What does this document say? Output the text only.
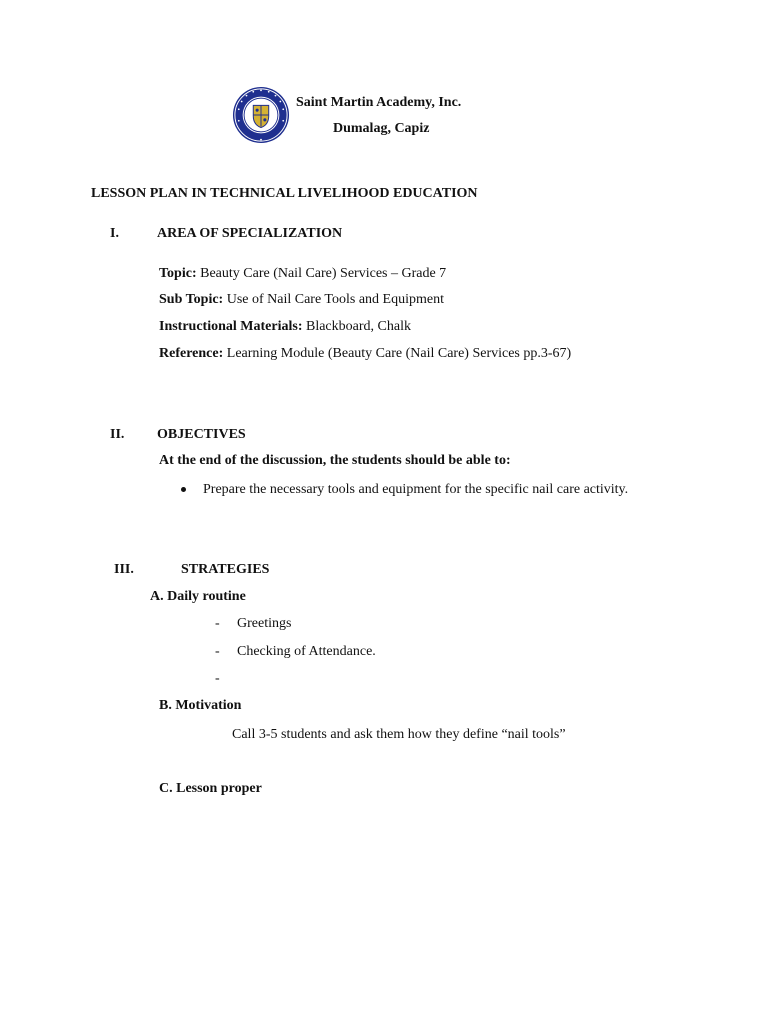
Saint Martin Academy, Inc.
Dumalag, Capiz
LESSON PLAN IN TECHNICAL LIVELIHOOD EDUCATION
I.	AREA OF SPECIALIZATION
Topic: Beauty Care (Nail Care) Services – Grade 7
Sub Topic: Use of Nail Care Tools and Equipment
Instructional Materials: Blackboard, Chalk
Reference: Learning Module (Beauty Care (Nail Care) Services pp.3-67)
II. OBJECTIVES
At the end of the discussion, the students should be able to:
Prepare the necessary tools and equipment for the specific nail care activity.
III.	STRATEGIES
A. Daily routine
- Greetings
- Checking of Attendance.
-
B. Motivation
Call 3-5 students and ask them how they define “nail tools”
C. Lesson proper
